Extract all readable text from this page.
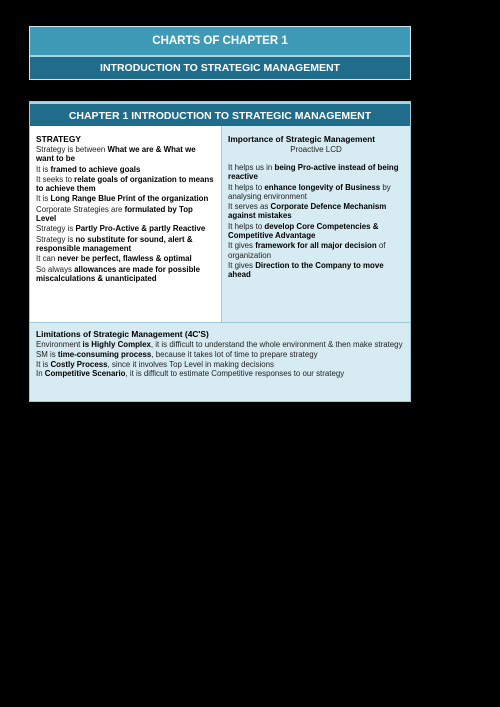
CHARTS OF CHAPTER 1
INTRODUCTION TO STRATEGIC MANAGEMENT
CHAPTER 1 INTRODUCTION TO STRATEGIC MANAGEMENT
STRATEGY
Strategy is between What we are & What we want to be
It is framed to achieve goals
It seeks to relate goals of organization to means to achieve them
It is Long Range Blue Print of the organization
Corporate Strategies are formulated by Top Level
Strategy is Partly Pro-Active & partly Reactive
Strategy is no substitute for sound, alert & responsible management
It can never be perfect, flawless & optimal
So always allowances are made for possible miscalculations & unanticipated
Importance of Strategic Management
Proactive LCD
It helps us in being Pro-active instead of being reactive
It helps to enhance longevity of Business by analysing environment
It serves as Corporate Defence Mechanism against mistakes
It helps to develop Core Competencies & Competitive Advantage
It gives framework for all major decision of organization
It gives Direction to the Company to move ahead
Limitations of Strategic Management (4C'S)
Environment is Highly Complex, it is difficult to understand the whole environment & then make strategy
SM is time-consuming process, because it takes lot of time to prepare strategy
It is Costly Process, since it involves Top Level in making decisions
In Competitive Scenario, it is difficult to estimate Competitive responses to our strategy
